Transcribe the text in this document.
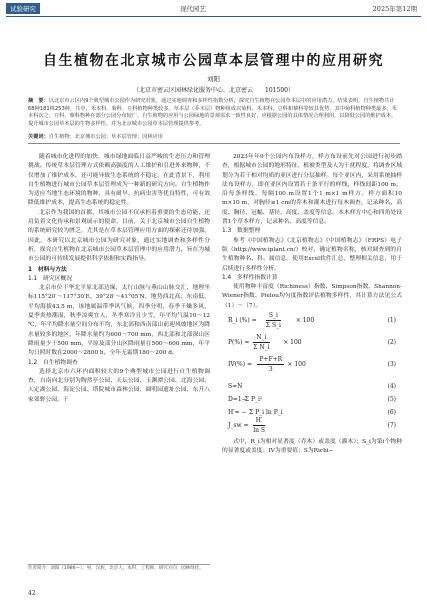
试验研究	现代园艺	2025年第12期
自生植物在北京城市公园草本层管理中的应用研究
刘阳
（北京市密云区园林绿化服务中心，北京密云　　101500）
摘　要：以北京市云区内9个典型城市公园作为研究对象，通过实地调查和多样性指数分析，探究自生植物在公园草本层中的应用潜力。结果表明，自生植物共计68种181株253种，共中，禾本科、菊科、豆科植物种类较多。草本层（乔木层）物种组成以菊科、禾本科、豆科和藜科等较具优势，其中菊科植物种类最多，禾本科次之；豆科、藜科物种在部分公园分布较广。自生植物的应用与公园绿地的景观需求一致性良好，应根据公园的具体情况合理利用，以降低公园的维护成本，提升城市公园草本层的生物多样性，并为北京城市公园草本层管理提供参考。
关键词：自生植物；北京城市公园；草本层管理；园林应用
随着城市化进程的加快，城市绿地面临日益严峻的生态压力和管理挑战。传统草本层管理方式依赖高强度的人工维护和引进外来物种，不仅增加了维护成本，还可能导致生态系统的不稳定。在此背景下，利用自生植物进行城市公园草本层管理成为一种新的研究方向。自生植物作为适应当地生态环境的物种，具有耐旱、抗病虫害等优良特性，可有效降低维护成本，提高生态系统的稳定性。
北京作为我国的首都，其城市公园不仅承担着重要的生态功能，还肩负着文化传承和景观展示的使命。目前，关于北京城市公园自生植物的系统研究较为匮乏，尤其是在草本层管理应用方面的探索还待加强。因此，本研究以北京城市公园为研究对象，通过实地调查和多样性分析，探究自生植物在北京城市公园草本层管理中的应用潜力，旨在为城市公园的可持续发展提供科学依据和实践指导。
1　材料与方法
1.1　研究区概况
北京市位于华北平原北部边缘，太行山脉与燕山山脉交汇，地理坐标115°20′～117°30′E、39°28′～41°05′N，地势西北高、东南低，平均海拔43.5 m，该地属温带季风气候，四季分明，春季干燥多风，夏季炎热潮湿，秋季凉爽宜人，冬季寒冷且少雪，年平均气温10～12 ℃，年平均降水量空间分布不均，东北部和西南部山前迎风坡地区为降水量较多的地区，年降水量约为600～700 mm，西北部和北部深山区降雨量少于500 mm，平原及部分山区降雨量在500～600 mm，年平均日照时数在2000～2800 h，全年无霜期180～200 d。
1.2　自生植物调查
选择北京市六环内面积较大的9个典型城市公园进行自生植物调查，自南向北分别为陶然亭公园、天坛公园、玉渊潭公园、北海公园、人定湖公园、海淀公园、塔院城市森林公园、圆明园遗址公园、东升八家郊野公园。于
2023年年9个公园内布设样方，样方布设前先对公园进行初步踏查，根据城市公园的地形特征、植被类型及人为干扰程度，将调查区域划分为若干相对均质的亚区进行分层抽样。每个亚区内，采用系统抽样法布设样方，即在亚区内设置若干条平行的样线，样线间距100 m，沿每条样线，每隔100 m设置1个1 m×1 m样方。样方面积10 m×10 m，对胸径≥1 cm的乔木和灌木进行每木调查，记录种名、高度、胸径、冠幅、基径、高度、盖度等信息。本木样方中心和四角处设置1个草本样方，记录种名、高度等信息。
1.3　数据整理
参考《中国植物志》《北京植物志》《中国植物志》（FRPS）电子版（http://www.iplant.cn/）校对，确定植物名称，核对调查到的自生植物种名、科、属信息。使用Excel软件汇总、整理相关信息，用于后续进行多样性分析。
1.4　多样性指数计算
使用物种丰富度（Richiness）指数、Simpson指数、Shannon-Wiener指数、Pielou均匀度指数评估植物多样性，其计算方法见公式（1）～（7）。
R_i (%) = $\frac{S\_i}{\text{Σ S\_i}} \times 100$	(1)
$P(\%) = \frac{N\_i}{\text{Σ N\_i}} \times 100$	(2)
$IV(\%) = \frac{P+F+R}{3} \times 100$	(3)
S=N	(4)
D=1−
Σ P_i²	(5)
H′= − Σ P_i ln P_i	(6)
J_sw = $\frac{H'}{\text{ln S}}$	(7)
式中，R_i为相对显著度（乔木）或盖度（灌木）；S_i为第i个物种的显著度或盖度；IV为重要值；S为Richi−
作者简介：刘阳（1986—），男，汉族，北京人，本科，工程师，研究方向：园林绿化。
42
